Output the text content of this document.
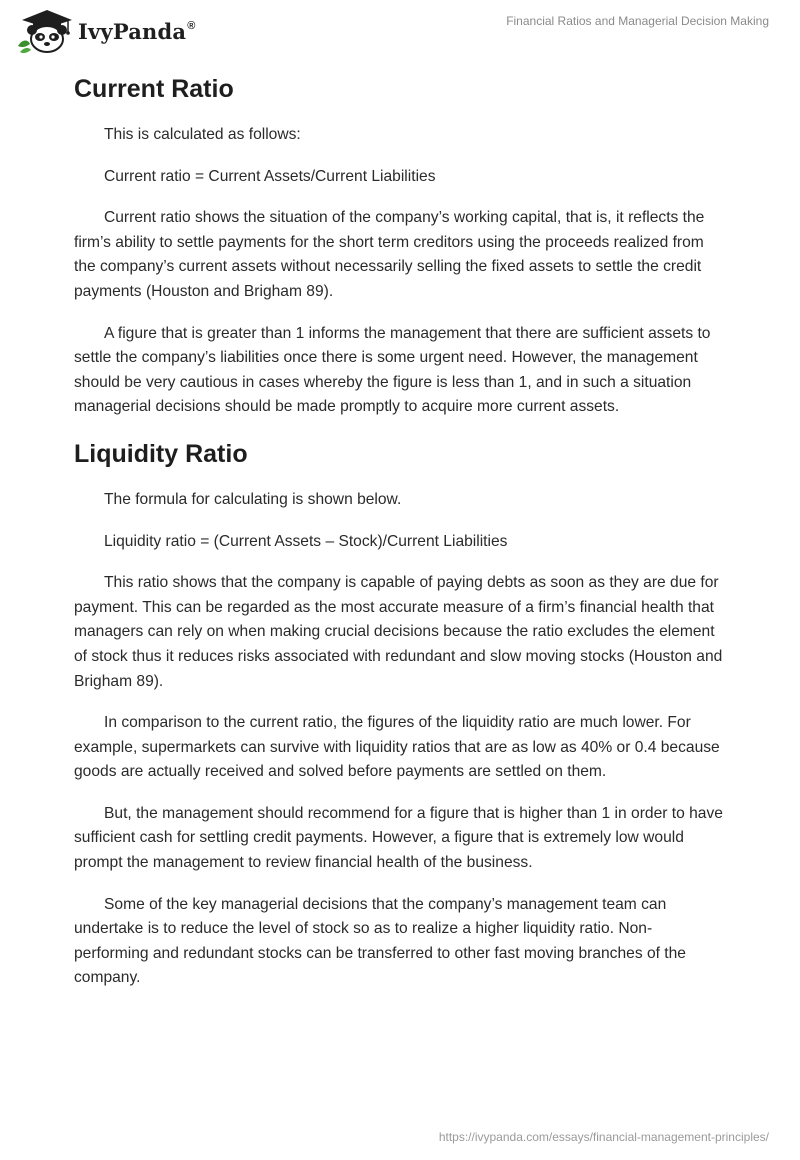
IvyPanda®	Financial Ratios and Managerial Decision Making
Current Ratio

This is calculated as follows:

Current ratio = Current Assets/Current Liabilities

Current ratio shows the situation of the company’s working capital, that is, it reflects the firm’s ability to settle payments for the short term creditors using the proceeds realized from the company’s current assets without necessarily selling the fixed assets to settle the credit payments (Houston and Brigham 89).

A figure that is greater than 1 informs the management that there are sufficient assets to settle the company’s liabilities once there is some urgent need. However, the management should be very cautious in cases whereby the figure is less than 1, and in such a situation managerial decisions should be made promptly to acquire more current assets.

Liquidity Ratio

The formula for calculating is shown below.

Liquidity ratio = (Current Assets – Stock)/Current Liabilities

This ratio shows that the company is capable of paying debts as soon as they are due for payment. This can be regarded as the most accurate measure of a firm’s financial health that managers can rely on when making crucial decisions because the ratio excludes the element of stock thus it reduces risks associated with redundant and slow moving stocks (Houston and Brigham 89).

In comparison to the current ratio, the figures of the liquidity ratio are much lower. For example, supermarkets can survive with liquidity ratios that are as low as 40% or 0.4 because goods are actually received and solved before payments are settled on them.

But, the management should recommend for a figure that is higher than 1 in order to have sufficient cash for settling credit payments. However, a figure that is extremely low would prompt the management to review financial health of the business.

Some of the key managerial decisions that the company’s management team can undertake is to reduce the level of stock so as to realize a higher liquidity ratio. Non-performing and redundant stocks can be transferred to other fast moving branches of the company.

https://ivypanda.com/essays/financial-management-principles/
